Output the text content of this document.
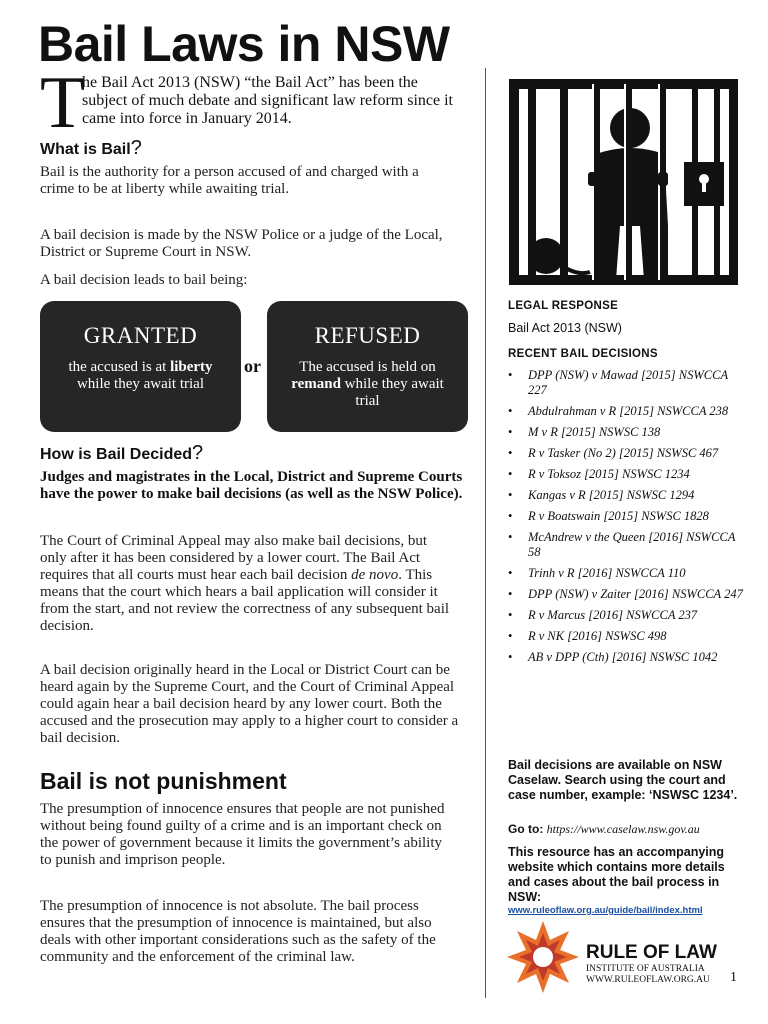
Bail Laws in NSW
T

he Bail Act 2013 (NSW) “the Bail Act” has been the subject of much debate and significant law reform since it came into force in January 2014.

What is Bail?

Bail is the authority for a person accused of and charged with a crime to be at liberty while awaiting trial.

A bail decision is made by the NSW Police or a judge of the Local, District or Supreme Court in NSW.

A bail decision leads to bail being:

GRANTED
the accused is at liberty while they await trial
or
REFUSED
The accused is held on remand while they await trial
How is Bail Decided?

Judges and magistrates in the Local, District and Supreme Courts have the power to make bail decisions (as well as the NSW Police).

The Court of Criminal Appeal may also make bail decisions, but only after it has been considered by a lower court. The Bail Act requires that all courts must hear each bail decision de novo. This means that the court which hears a bail application will consider it from the start, and not review the correctness of any subsequent bail decision.

A bail decision originally heard in the Local or District Court can be heard again by the Supreme Court, and the Court of Criminal Appeal could again hear a bail decision heard by any lower court. Both the accused and the prosecution may apply to a higher court to consider a bail decision.

Bail is not punishment

The presumption of innocence ensures that people are not punished without being found guilty of a crime and is an important check on the power of government because it limits the government’s ability to punish and imprison people.

The presumption of innocence is not absolute. The bail process ensures that the presumption of innocence is maintained, but also deals with other important considerations such as the safety of the community and the enforcement of the criminal law.

LEGAL RESPONSE

Bail Act 2013 (NSW)

RECENT BAIL DECISIONS

• DPP (NSW) v Mawad [2015] NSWCCA 227
• Abdulrahman v R [2015] NSWCCA 238
• M v R [2015] NSWSC 138
• R v Tasker (No 2) [2015] NSWSC 467
• R v Toksoz [2015] NSWSC 1234
• Kangas v R [2015] NSWSC 1294
• R v Boatswain [2015] NSWSC 1828
• McAndrew v the Queen [2016] NSWCCA 58
• Trinh v R [2016] NSWCCA 110
• DPP (NSW) v Zaiter [2016] NSWCCA 247
• R v Marcus [2016] NSWCCA 237
• R v NK [2016] NSWSC 498
• AB v DPP (Cth) [2016] NSWSC 1042

Bail decisions are available on NSW Caselaw. Search using the court and case number, example: ‘NSWSC 1234’.

Go to: https://www.caselaw.nsw.gov.au

This resource has an accompanying website which contains more details and cases about the bail process in NSW:

www.ruleoflaw.org.au/guide/bail/index.html

RULE OF LAW

INSTITUTE OF AUSTRALIA
WWW.RULEOFLAW.ORG.AU 1
